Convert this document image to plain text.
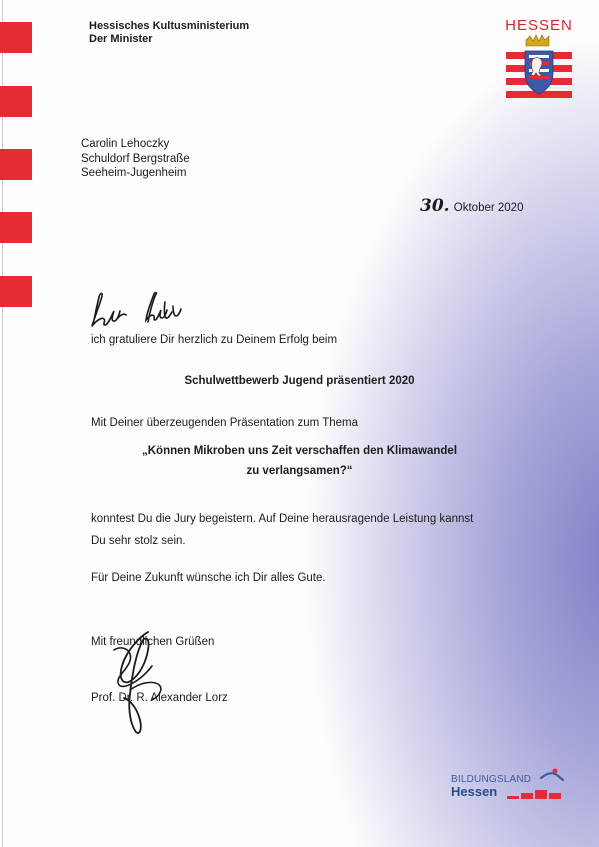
Hessisches Kultusministerium
Der Minister
HESSEN
Carolin Lehoczky
Schuldorf Bergstraße
Seeheim-Jugenheim
30. Oktober 2020
ich gratuliere Dir herzlich zu Deinem Erfolg beim
Schulwettbewerb Jugend präsentiert 2020
Mit Deiner überzeugenden Präsentation zum Thema
„Können Mikroben uns Zeit verschaffen den Klimawandel
zu verlangsamen?“
konntest Du die Jury begeistern. Auf Deine herausragende Leistung kannst
Du sehr stolz sein.
Für Deine Zukunft wünsche ich Dir alles Gute.
Mit freundlichen Grüßen
Prof. Dr. R. Alexander Lorz
BILDUNGSLAND
Hessen
